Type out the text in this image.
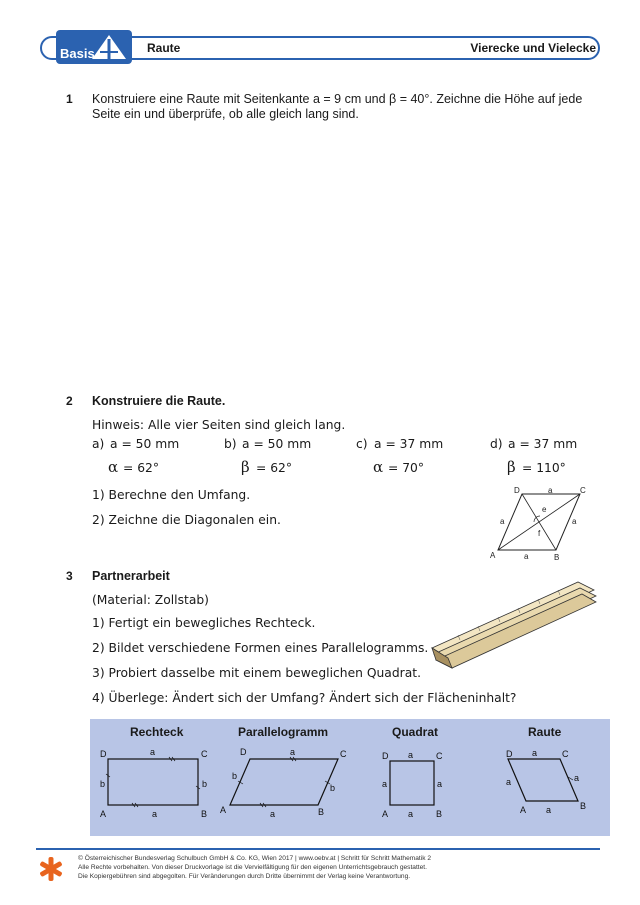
Basis	Raute	Vierecke und Vielecke
1 Konstruiere eine Raute mit Seitenkante a = 9 cm und β = 40°. Zeichne die Höhe auf jede
Seite ein und überprüfe, ob alle gleich lang sind.
2 Konstruiere die Raute.
Hinweis: Alle vier Seiten sind gleich lang.
a) a = 50 mm	b) a = 50 mm	c) a = 37 mm	d) a = 37 mm
α = 62°	β = 62°	α = 70°	β = 110°
1) Berechne den Umfang.
2) Zeichne die Diagonalen ein.
D	C
A	B
a
a
a	a
e
f
3 Partnerarbeit
(Material: Zollstab)
1) Fertigt ein bewegliches Rechteck.
2) Bildet verschiedene Formen eines Parallelogramms.
3) Probiert dasselbe mit einem beweglichen Quadrat.
4) Überlege: Ändert sich der Umfang? Ändert sich der Flächeninhalt?
Rechteck	Parallelogramm	Quadrat	Raute
D	C
A	B
a
a
b	b
D	C
A	B
a
a
b
b
D	C
A	B
a
a
a	a
D	C
A	B
a
a
a	a
© Österreichischer Bundesverlag Schulbuch GmbH & Co. KG, Wien 2017 | www.oebv.at | Schritt für Schritt Mathematik 2
Alle Rechte vorbehalten. Von dieser Druckvorlage ist die Vervielfältigung für den eigenen Unterrichtsgebrauch gestattet.
Die Kopiergebühren sind abgegolten. Für Veränderungen durch Dritte übernimmt der Verlag keine Verantwortung.
